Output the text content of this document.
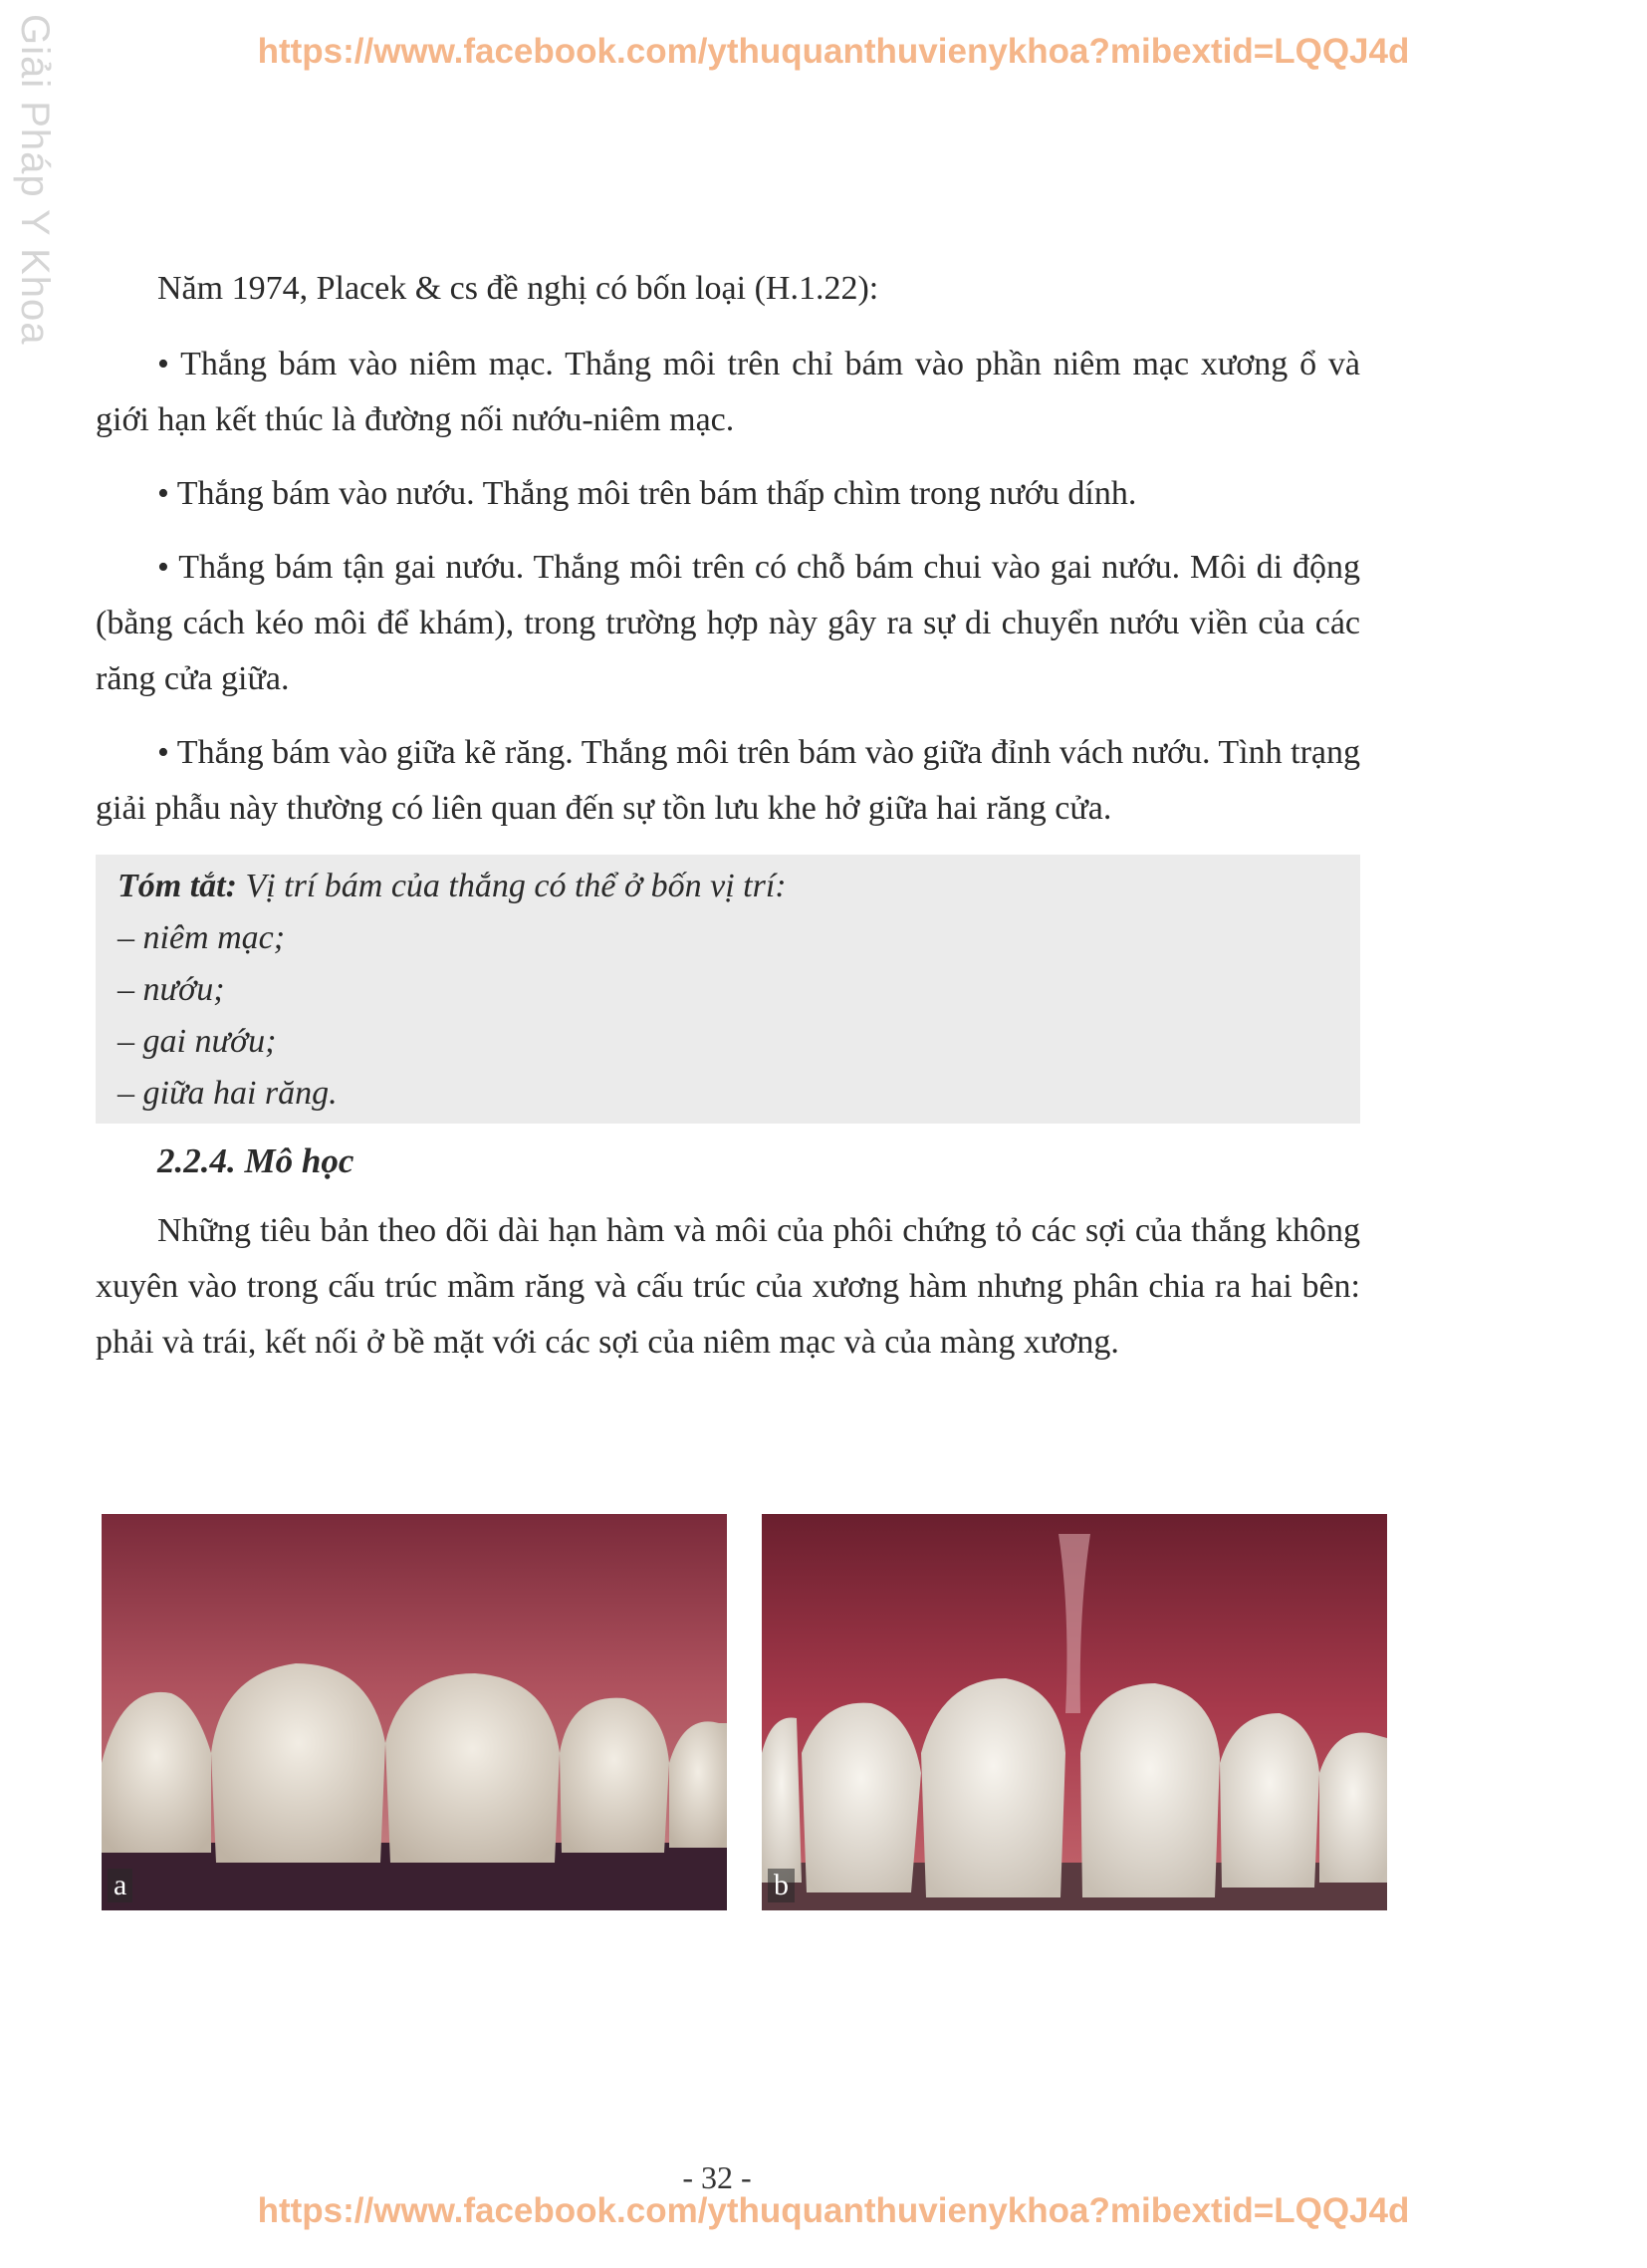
Giải Pháp Y Khoa	https://www.facebook.com/ythuquanthuvienykhoa?mibextid=LQQJ4d

Năm 1974, Placek & cs đề nghị có bốn loại (H.1.22):

• Thắng bám vào niêm mạc. Thắng môi trên chỉ bám vào phần niêm mạc xương ổ và giới hạn kết thúc là đường nối nướu-niêm mạc.

• Thắng bám vào nướu. Thắng môi trên bám thấp chìm trong nướu dính.

• Thắng bám tận gai nướu. Thắng môi trên có chỗ bám chui vào gai nướu. Môi di động (bằng cách kéo môi để khám), trong trường hợp này gây ra sự di chuyển nướu viền của các răng cửa giữa.

• Thắng bám vào giữa kẽ răng. Thắng môi trên bám vào giữa đỉnh vách nướu. Tình trạng giải phẫu này thường có liên quan đến sự tồn lưu khe hở giữa hai răng cửa.

Tóm tắt: Vị trí bám của thắng có thể ở bốn vị trí:
– niêm mạc;
– nướu;
– gai nướu;
– giữa hai răng.

2.2.4. Mô học

Những tiêu bản theo dõi dài hạn hàm và môi của phôi chứng tỏ các sợi của thắng không xuyên vào trong cấu trúc mầm răng và cấu trúc của xương hàm nhưng phân chia ra hai bên: phải và trái, kết nối ở bề mặt với các sợi của niêm mạc và của màng xương.

a	b
- 32 -
https://www.facebook.com/ythuquanthuvienykhoa?mibextid=LQQJ4d
